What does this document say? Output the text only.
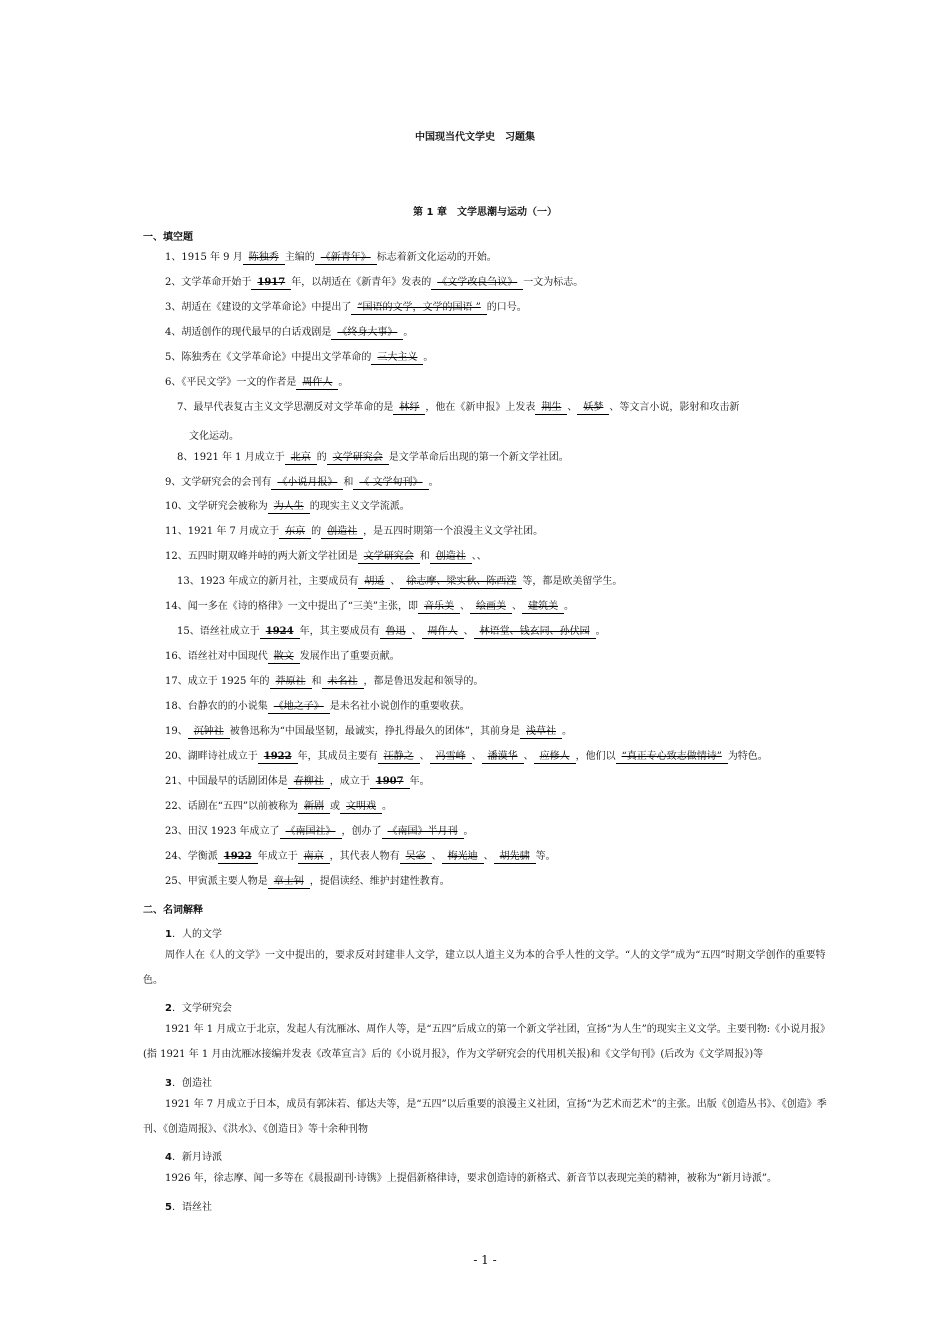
中国现当代文学史　习题集
第 1 章　文学思潮与运动（一）
一、填空题
1、1915 年 9 月 陈独秀 主编的 《新青年》 标志着新文化运动的开始。
2、文学革命开始于 1917 年，以胡适在《新青年》发表的 《文学改良刍议》 一文为标志。
3、胡适在《建设的文学革命论》中提出了 “国语的文学，文学的国语 ” 的口号。
4、胡适创作的现代最早的白话戏剧是 《终身大事》 。
5、陈独秀在《文学革命论》中提出文学革命的 三大主义 。
6、《平民文学》一文的作者是 周作人 。
7、最早代表复古主义文学思潮反对文学革命的是 林纾 ，他在《新申报》上发表 荆生 、 妖梦 、等文言小说，影射和攻击新
文化运动。
8、1921 年 1 月成立于 北京 的 文学研究会 是文学革命后出现的第一个新文学社团。
9、文学研究会的会刊有 《小说月报》 和 《 文学旬刊》 。
10、文学研究会被称为 为人生 的现实主义文学流派。
11、1921 年 7 月成立于 东京 的 创造社 ，是五四时期第一个浪漫主义文学社团。
12、五四时期双峰并峙的两大新文学社团是 文学研究会 和 创造社 、、
13、1923 年成立的新月社，主要成员有 胡适 、 徐志摩、梁实秋、陈西滢 等，都是欧美留学生。
14、闻一多在《诗的格律》一文中提出了“三美”主张，即 音乐美 、 绘画美 、 建筑美 。
15、语丝社成立于 1924 年，其主要成员有 鲁迅 、 周作人 、 林语堂、钱玄同、孙伏园 。
16、语丝社对中国现代 散文 发展作出了重要贡献。
17、成立于 1925 年的 莽原社 和 未名社 ，都是鲁迅发起和领导的。
18、台静农的的小说集 《地之子》 是未名社小说创作的重要收获。
19、 沉钟社 被鲁迅称为“中国最坚韧，最诚实，挣扎得最久的团体”，其前身是 浅草社 。
20、湖畔诗社成立于 1922 年，其成员主要有 汪静之 、 冯雪峰 、 潘漠华 、 应修人 ，他们以 “真正专心致志做情诗” 为特色。
21、中国最早的话剧团体是 春柳社 ，成立于 1907 年。
22、话剧在“五四”以前被称为 新剧 或 文明戏 。
23、田汉 1923 年成立了 《南国社》 ，创办了 《南国》半月刊 。
24、学衡派 1922 年成立于 南京 ，其代表人物有 吴宓 、 梅光迪 、 胡先骕 等。
25、甲寅派主要人物是 章士钊 ，提倡读经、维护封建性教育。
二、名词解释
1．人的文学
周作人在《人的文学》一文中提出的，要求反对封建非人文学，建立以人道主义为本的合乎人性的文学。“人的文学”成为“五四”时期文学创作的重要特色。
2．文学研究会
1921 年 1 月成立于北京，发起人有沈雁冰、周作人等，是“五四”后成立的第一个新文学社团，宣扬“为人生”的现实主义文学。主要刊物:《小说月报》(指 1921 年 1 月由沈雁冰接编并发表《改革宣言》后的《小说月报》，作为文学研究会的代用机关报)和《文学旬刊》(后改为《文学周报》)等
3．创造社
1921 年 7 月成立于日本，成员有郭沫若、郁达夫等，是“五四”以后重要的浪漫主义社团，宣扬“为艺术而艺术”的主张。出版《创造丛书》、《创造》季刊、《创造周报》、《洪水》、《创造日》等十余种刊物
4．新月诗派
1926 年，徐志摩、闻一多等在《晨报副刊·诗镌》上提倡新格律诗，要求创造诗的新格式、新音节以表现完美的精神，被称为“新月诗派”。
5．语丝社
- 1 -
